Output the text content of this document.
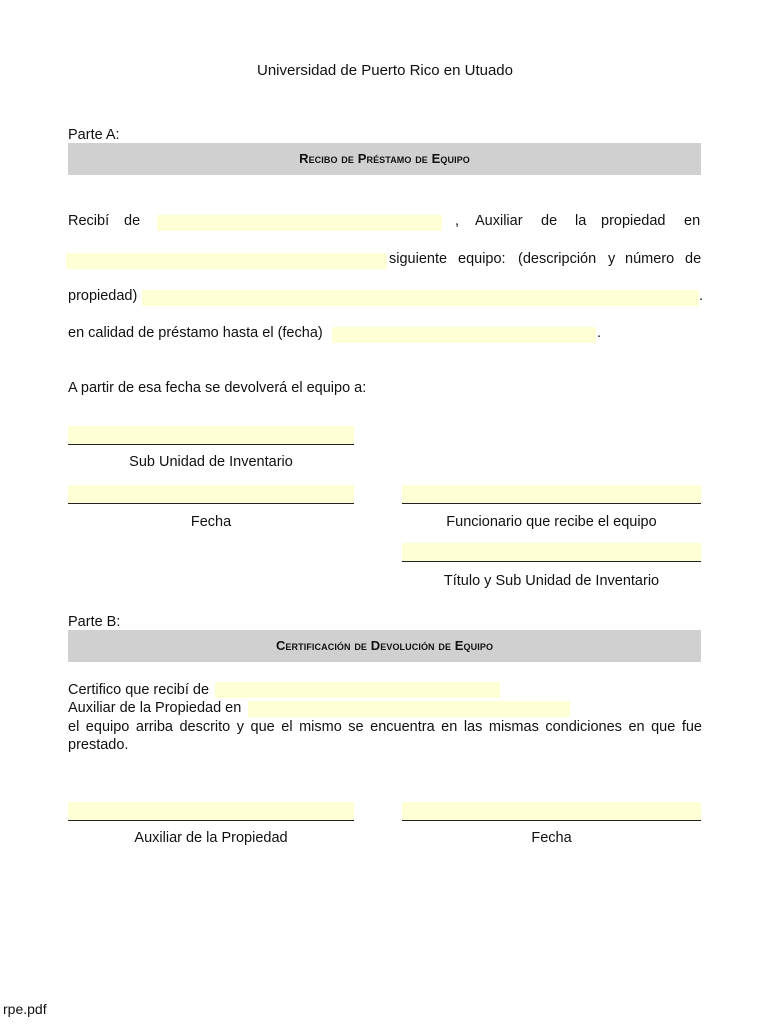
Universidad de Puerto Rico en Utuado
Parte A:
Recibo de Préstamo de Equipo
Recibí de	, Auxiliar de la propiedad en
siguiente equipo: (descripción y número de
propiedad)	.
en calidad de préstamo hasta el (fecha)	.
A partir de esa fecha se devolverá el equipo a:
Sub Unidad de Inventario
Fecha	Funcionario que recibe el equipo
Título y Sub Unidad de Inventario
Parte B:
Certificación de Devolución de Equipo
Certifico que recibí de
Auxiliar de la Propiedad en
el equipo arriba descrito y que el mismo se encuentra en las mismas condiciones en que fue prestado.
Auxiliar de la Propiedad	Fecha
rpe.pdf
